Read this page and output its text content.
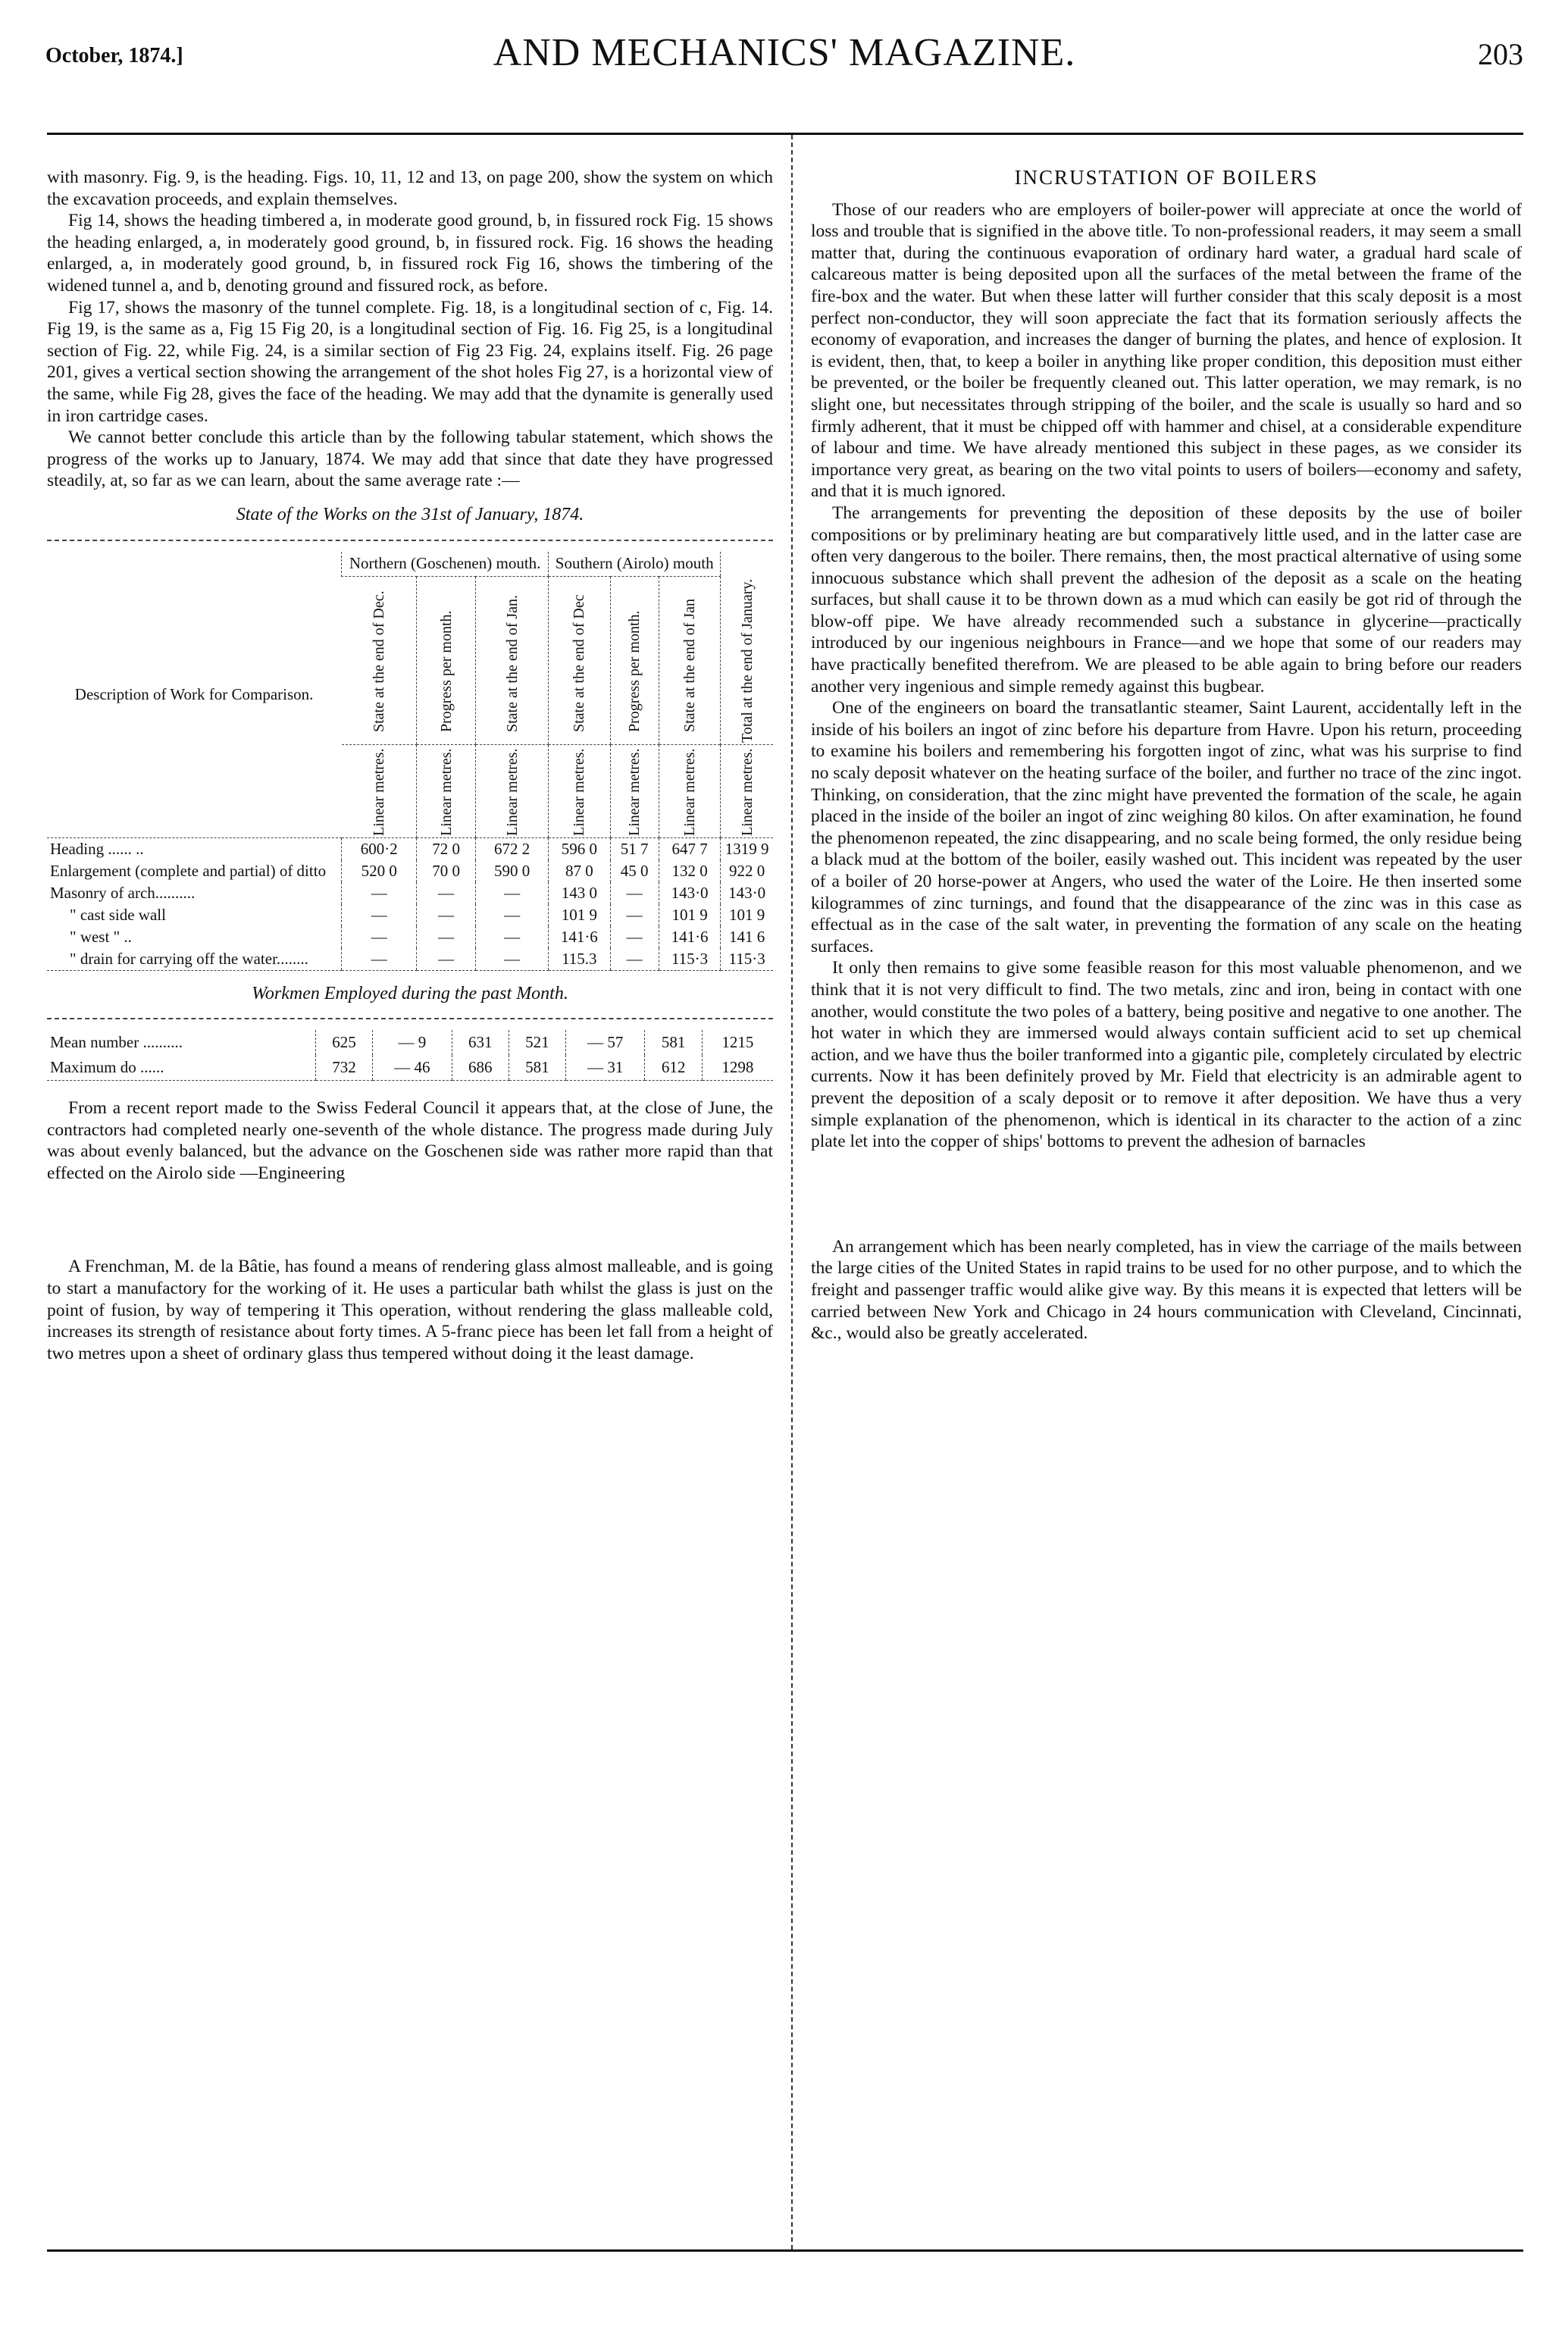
October, 1874.]	AND MECHANICS' MAGAZINE.	203

with masonry. Fig. 9, is the heading. Figs. 10, 11, 12 and 13, on page 200, show the system on which the excavation proceeds, and explain themselves.

Fig 14, shows the heading timbered a, in moderate good ground, b, in fissured rock Fig. 15 shows the heading enlarged, a, in moderately good ground, b, in fissured rock. Fig. 16 shows the heading enlarged, a, in moderately good ground, b, in fissured rock Fig 16, shows the timbering of the widened tunnel a, and b, denoting ground and fissured rock, as before.

Fig 17, shows the masonry of the tunnel complete. Fig. 18, is a longitudinal section of c, Fig. 14. Fig 19, is the same as a, Fig 15 Fig 20, is a longitudinal section of Fig. 16. Fig 25, is a longitudinal section of Fig. 22, while Fig. 24, is a similar section of Fig 23 Fig. 24, explains itself. Fig. 26 page 201, gives a vertical section showing the arrangement of the shot holes Fig 27, is a horizontal view of the same, while Fig 28, gives the face of the heading. We may add that the dynamite is generally used in iron cartridge cases.

We cannot better conclude this article than by the following tabular statement, which shows the progress of the works up to January, 1874. We may add that since that date they have progressed steadily, at, so far as we can learn, about the same average rate :—

State of the Works on the 31st of January, 1874.
Description of Work for Comparison.	Northern (Goschenen) mouth.			Southern (Airolo) mouth			Total at the end of January.

	State at the end of Dec.	Progress per month.	State at the end of Jan.	State at the end of Dec	Progress per month.	State at the end of Jan	

	Linear metres.	Linear metres.	Linear metres.	Linear metres.	Linear metres.	Linear metres.	Linear metres.

Heading ...... ..	600·2	72 0	672 2	596 0	51 7	647 7	1319 9
Enlargement (complete and partial) of ditto	520 0	70 0	590 0	87 0	45 0	132 0	922 0
Masonry of arch..........	—	—	—	143 0	—	143·0	143·0
" cast side wall	—	—	—	101 9	—	101 9	101 9
" west " ..	—	—	—	141·6	—	141·6	141 6
" drain for carrying off the water........	—	—	—	115.3	—	115·3	115·3
Workmen Employed during the past Month.
Mean number ..........	625	— 9	631	521	— 57	581	1215
Maximum do ......	732	— 46	686	581	— 31	612	1298

From a recent report made to the Swiss Federal Council it appears that, at the close of June, the contractors had completed nearly one-seventh of the whole distance. The progress made during July was about evenly balanced, but the advance on the Goschenen side was rather more rapid than that effected on the Airolo side —Engineering

A Frenchman, M. de la Bâtie, has found a means of rendering glass almost malleable, and is going to start a manufactory for the working of it. He uses a particular bath whilst the glass is just on the point of fusion, by way of tempering it This operation, without rendering the glass malleable cold, increases its strength of resistance about forty times. A 5-franc piece has been let fall from a height of two metres upon a sheet of ordinary glass thus tempered without doing it the least damage.

INCRUSTATION OF BOILERS

Those of our readers who are employers of boiler-power will appreciate at once the world of loss and trouble that is signified in the above title. To non-professional readers, it may seem a small matter that, during the continuous evaporation of ordinary hard water, a gradual hard scale of calcareous matter is being deposited upon all the surfaces of the metal between the frame of the fire-box and the water. But when these latter will further consider that this scaly deposit is a most perfect non-conductor, they will soon appreciate the fact that its formation seriously affects the economy of evaporation, and increases the danger of burning the plates, and hence of explosion. It is evident, then, that, to keep a boiler in anything like proper condition, this deposition must either be prevented, or the boiler be frequently cleaned out. This latter operation, we may remark, is no slight one, but necessitates through stripping of the boiler, and the scale is usually so hard and so firmly adherent, that it must be chipped off with hammer and chisel, at a considerable expenditure of labour and time. We have already mentioned this subject in these pages, as we consider its importance very great, as bearing on the two vital points to users of boilers—economy and safety, and that it is much ignored.

The arrangements for preventing the deposition of these deposits by the use of boiler compositions or by preliminary heating are but comparatively little used, and in the latter case are often very dangerous to the boiler. There remains, then, the most practical alternative of using some innocuous substance which shall prevent the adhesion of the deposit as a scale on the heating surfaces, but shall cause it to be thrown down as a mud which can easily be got rid of through the blow-off pipe. We have already recommended such a substance in glycerine—practically introduced by our ingenious neighbours in France—and we hope that some of our readers may have practically benefited therefrom. We are pleased to be able again to bring before our readers another very ingenious and simple remedy against this bugbear.

One of the engineers on board the transatlantic steamer, Saint Laurent, accidentally left in the inside of his boilers an ingot of zinc before his departure from Havre. Upon his return, proceeding to examine his boilers and remembering his forgotten ingot of zinc, what was his surprise to find no scaly deposit whatever on the heating surface of the boiler, and further no trace of the zinc ingot. Thinking, on consideration, that the zinc might have prevented the formation of the scale, he again placed in the inside of the boiler an ingot of zinc weighing 80 kilos. On after examination, he found the phenomenon repeated, the zinc disappearing, and no scale being formed, the only residue being a black mud at the bottom of the boiler, easily washed out. This incident was repeated by the user of a boiler of 20 horse-power at Angers, who used the water of the Loire. He then inserted some kilogrammes of zinc turnings, and found that the disappearance of the zinc was in this case as effectual as in the case of the salt water, in preventing the formation of any scale on the heating surfaces.

It only then remains to give some feasible reason for this most valuable phenomenon, and we think that it is not very difficult to find. The two metals, zinc and iron, being in contact with one another, would constitute the two poles of a battery, being positive and negative to one another. The hot water in which they are immersed would always contain sufficient acid to set up chemical action, and we have thus the boiler tranformed into a gigantic pile, completely circulated by electric currents. Now it has been definitely proved by Mr. Field that electricity is an admirable agent to prevent the deposition of a scaly deposit or to remove it after deposition. We have thus a very simple explanation of the phenomenon, which is identical in its character to the action of a zinc plate let into the copper of ships' bottoms to prevent the adhesion of barnacles

An arrangement which has been nearly completed, has in view the carriage of the mails between the large cities of the United States in rapid trains to be used for no other purpose, and to which the freight and passenger traffic would alike give way. By this means it is expected that letters will be carried between New York and Chicago in 24 hours communication with Cleveland, Cincinnati, &c., would also be greatly accelerated.
